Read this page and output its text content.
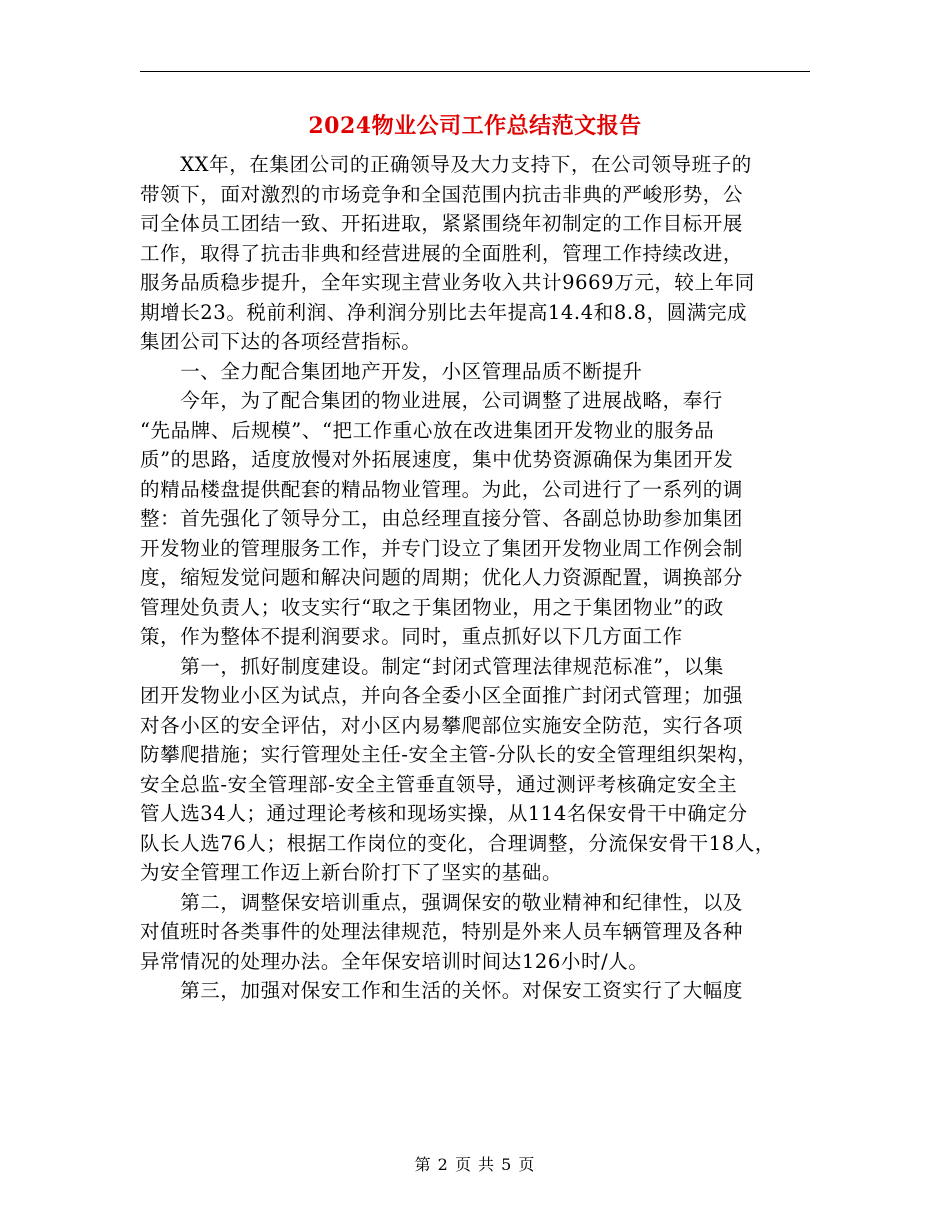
2024物业公司工作总结范文报告
　　XX年，在集团公司的正确领导及大力支持下，在公司领导班子的
带领下，面对激烈的市场竞争和全国范围内抗击非典的严峻形势，公
司全体员工团结一致、开拓进取，紧紧围绕年初制定的工作目标开展
工作，取得了抗击非典和经营进展的全面胜利，管理工作持续改进，
服务品质稳步提升，全年实现主营业务收入共计9669万元，较上年同
期增长23。税前利润、净利润分别比去年提高14.4和8.8，圆满完成
集团公司下达的各项经营指标。
　　一、全力配合集团地产开发，小区管理品质不断提升
　　今年，为了配合集团的物业进展，公司调整了进展战略，奉行
“先品牌、后规模”、“把工作重心放在改进集团开发物业的服务品
质”的思路，适度放慢对外拓展速度，集中优势资源确保为集团开发
的精品楼盘提供配套的精品物业管理。为此，公司进行了一系列的调
整：首先强化了领导分工，由总经理直接分管、各副总协助参加集团
开发物业的管理服务工作，并专门设立了集团开发物业周工作例会制
度，缩短发觉问题和解决问题的周期；优化人力资源配置，调换部分
管理处负责人；收支实行“取之于集团物业，用之于集团物业”的政
策，作为整体不提利润要求。同时，重点抓好以下几方面工作
　　第一，抓好制度建设。制定“封闭式管理法律规范标准”，以集
团开发物业小区为试点，并向各全委小区全面推广封闭式管理；加强
对各小区的安全评估，对小区内易攀爬部位实施安全防范，实行各项
防攀爬措施；实行管理处主任-安全主管-分队长的安全管理组织架构，
安全总监-安全管理部-安全主管垂直领导，通过测评考核确定安全主
管人选34人；通过理论考核和现场实操，从114名保安骨干中确定分
队长人选76人；根据工作岗位的变化，合理调整，分流保安骨干18人，
为安全管理工作迈上新台阶打下了坚实的基础。
　　第二，调整保安培训重点，强调保安的敬业精神和纪律性，以及
对值班时各类事件的处理法律规范，特别是外来人员车辆管理及各种
异常情况的处理办法。全年保安培训时间达126小时/人。
　　第三，加强对保安工作和生活的关怀。对保安工资实行了大幅度
第 2 页 共 5 页
